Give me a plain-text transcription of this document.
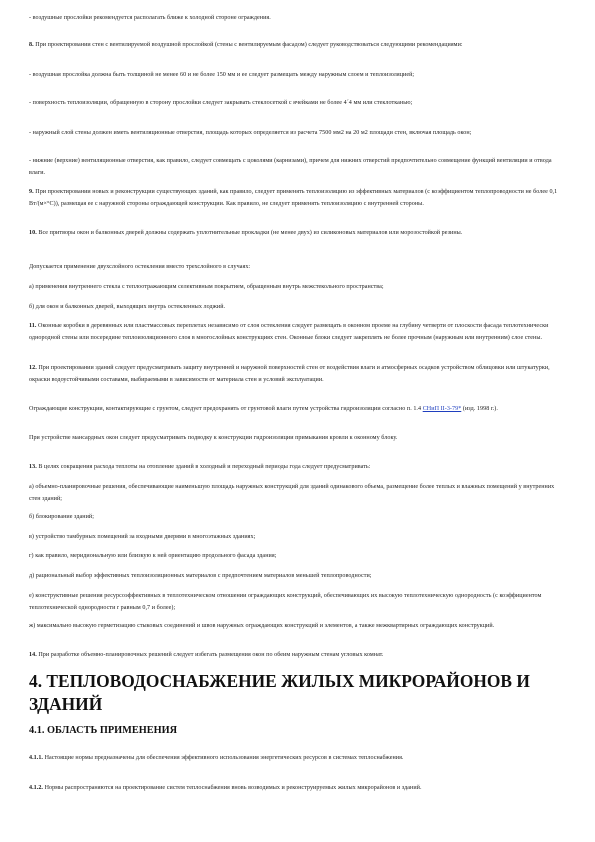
- воздушные прослойки рекомендуется располагать ближе к холодной стороне ограждения.

8. При проектировании стен с вентилируемой воздушной прослойкой (стены с вентилируемым фасадом) следует руководствоваться следующими рекомендациями:

- воздушная прослойка должна быть толщиной не менее 60 и не более 150 мм и ее следует размещать между наружным слоем и теплоизоляцией;

- поверхность теплоизоляции, обращенную в сторону прослойки следует закрывать стеклосеткой с ячейками не более 4´4 мм или стеклотканью;

- наружный слой стены должен иметь вентиляционные отверстия, площадь которых определяется из расчета 7500 мм2 на 20 м2 площади стен, включая площадь окон;

- нижние (верхние) вентиляционные отверстия, как правило, следует совмещать с цоколями (карнизами), причем для нижних отверстий предпочтительно совмещение функций вентиляции и отвода влаги.

9. При проектировании новых и реконструкции существующих зданий, как правило, следует применять теплоизоляцию из эффективных материалов (с коэффициентом теплопроводности не более 0,1 Вт/(м×°С)), размещая ее с наружной стороны ограждающей конструкции. Как правило, не следует применять теплоизоляцию с внутренней стороны.

10. Все притворы окон и балконных дверей должны содержать уплотнительные прокладки (не менее двух) из силиконовых материалов или морозостойкой резины.

Допускается применение двухслойного остекления вместо трехслойного в случаях:

а) применения внутреннего стекла с теплоотражающим селективным покрытием, обращенным внутрь межстекольного пространства;

б) для окон и балконных дверей, выходящих внутрь остекленных лоджий.

11. Оконные коробки в деревянных или пластмассовых переплетах независимо от слоя остекления следует размещать в оконном проеме на глубину четверти от плоскости фасада теплотехнически однородной стены или посередине теплоизоляционного слоя в многослойных конструкциях стен. Оконные блоки следует закреплять не более прочным (наружным или внутренним) слое стены.

12. При проектировании зданий следует предусматривать защиту внутренней и наружной поверхностей стен от воздействия влаги и атмосферных осадков устройством облицовки или штукатурки, окраски водоустойчивыми составами, выбираемыми в зависимости от материала стен и условий эксплуатации.

Ограждающие конструкции, контактирующие с грунтом, следует предохранять от грунтовой влаги путем устройства гидроизоляции согласно п. 1.4 СНиП II-3-79* (изд. 1998 г.).

При устройстве мансардных окон следует предусматривать подводку к конструкции гидроизоляции примыкания кровли к оконному блоку.

13. В целях сокращения расхода теплоты на отопление зданий в холодный и переходный периоды года следует предусматривать:

а) объемно-планировочные решения, обеспечивающие наименьшую площадь наружных конструкций для зданий одинакового объема, размещение более теплых и влажных помещений у внутренних стен зданий;

б) блокирование зданий;

в) устройство тамбурных помещений за входными дверями в многоэтажных зданиях;

г) как правило, меридиональную или близкую к ней ориентацию продольного фасада здания;

д) рациональный выбор эффективных теплоизоляционных материалов с предпочтением материалов меньшей теплопроводности;

е) конструктивные решения ресурсоэффективных в теплотехническом отношении ограждающих конструкций, обеспечивающих их высокую теплотехническую однородность (с коэффициентом теплотехнической однородности r равным 0,7 и более);

ж) максимально высокую герметизацию стыковых соединений и швов наружных ограждающих конструкций и элементов, а также межквартирных ограждающих конструкций.

14. При разработке объемно-планировочных решений следует избегать размещения окон по обеим наружным стенам угловых комнат.

4. ТЕПЛОВОДОСНАБЖЕНИЕ ЖИЛЫХ МИКРОРАЙОНОВ И ЗДАНИЙ
4.1. ОБЛАСТЬ ПРИМЕНЕНИЯ

4.1.1. Настоящие нормы предназначены для обеспечения эффективного использования энергетических ресурсов в системах теплоснабжения.

4.1.2. Нормы распространяются на проектирование систем теплоснабжения вновь возводимых и реконструируемых жилых микрорайонов и зданий.
